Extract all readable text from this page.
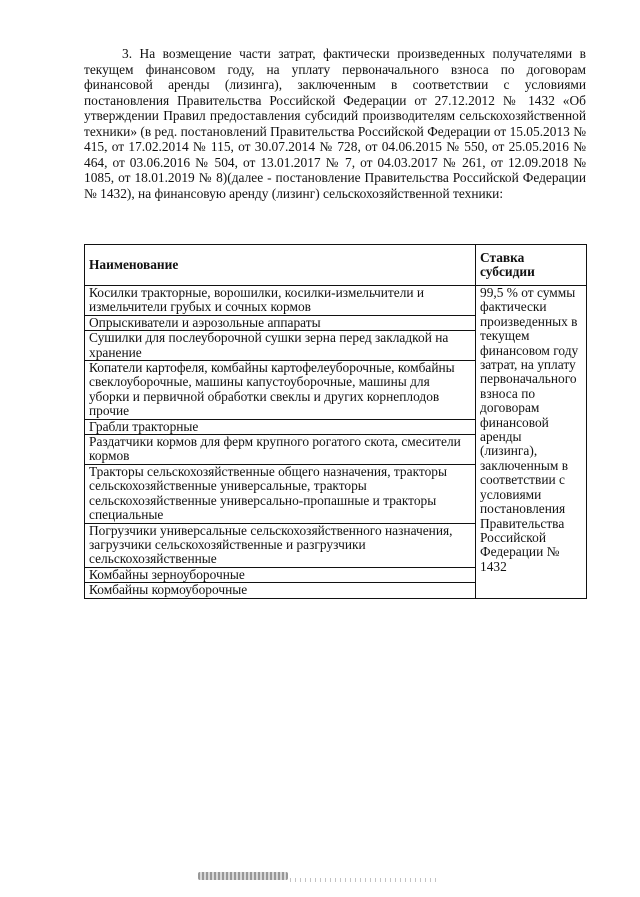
3. На возмещение части затрат, фактически произведенных получателями в текущем финансовом году, на уплату первоначального взноса по договорам финансовой аренды (лизинга), заключенным в соответствии с условиями постановления Правительства Российской Федерации от 27.12.2012 № 1432 «Об утверждении Правил предоставления субсидий производителям сельскохозяйственной техники» (в ред. постановлений Правительства Российской Федерации от 15.05.2013 № 415, от 17.02.2014 № 115, от 30.07.2014 № 728, от 04.06.2015 № 550, от 25.05.2016 № 464, от 03.06.2016 № 504, от 13.01.2017 № 7, от 04.03.2017 № 261, от 12.09.2018 № 1085, от 18.01.2019 № 8)(далее - постановление Правительства Российской Федерации № 1432), на финансовую аренду (лизинг) сельскохозяйственной техники:

Наименование	Ставка субсидии
Косилки тракторные, ворошилки, косилки-измельчители и измельчители грубых и сочных кормов	99,5 % от суммы фактически произведенных в текущем финансовом году затрат, на уплату первоначального взноса по договорам финансовой аренды (лизинга), заключенным в соответствии с условиями постановления Правительства Российской Федерации № 1432
Опрыскиватели и аэрозольные аппараты	
Сушилки для послеуборочной сушки зерна перед закладкой на хранение	
Копатели картофеля, комбайны картофелеуборочные, комбайны свеклоуборочные, машины капустоуборочные, машины для уборки и первичной обработки свеклы и других корнеплодов прочие	
Грабли тракторные	
Раздатчики кормов для ферм крупного рогатого скота, смесители кормов	
Тракторы сельскохозяйственные общего назначения, тракторы сельскохозяйственные универсальные, тракторы сельскохозяйственные универсально-пропашные и тракторы специальные	
Погрузчики универсальные сельскохозяйственного назначения, загрузчики сельскохозяйственные и разгрузчики сельскохозяйственные	
Комбайны зерноуборочные	
Комбайны кормоуборочные	
